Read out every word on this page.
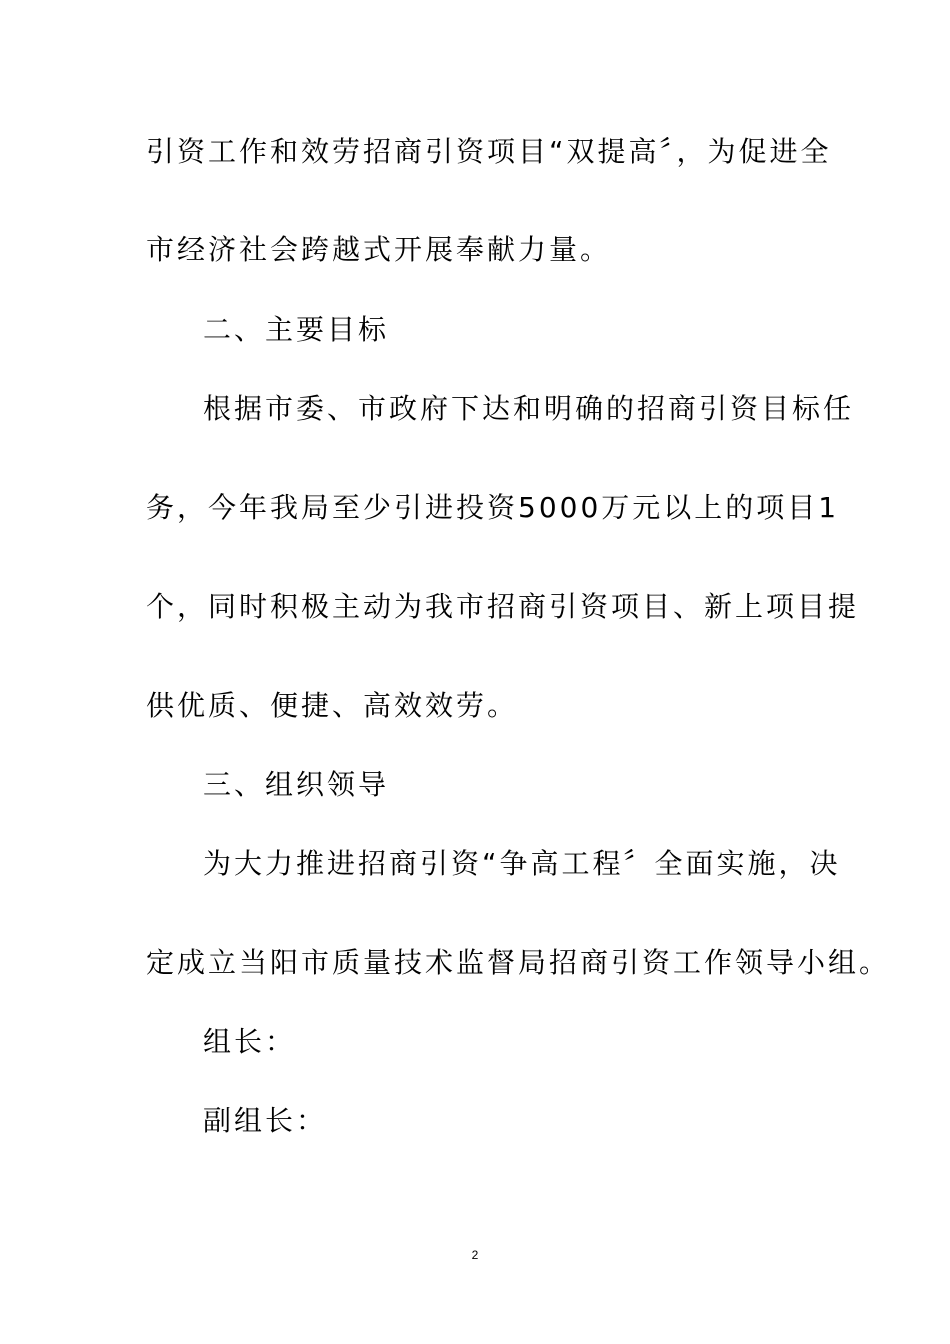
引资工作和效劳招商引资项目“双提高〞，为促进全
市经济社会跨越式开展奉献力量。
二、主要目标
根据市委、市政府下达和明确的招商引资目标任
务，今年我局至少引进投资5000万元以上的项目1
个，同时积极主动为我市招商引资项目、新上项目提
供优质、便捷、高效效劳。
三、组织领导
为大力推进招商引资“争高工程〞全面实施，决
定成立当阳市质量技术监督局招商引资工作领导小组。
组长：
副组长：
2
